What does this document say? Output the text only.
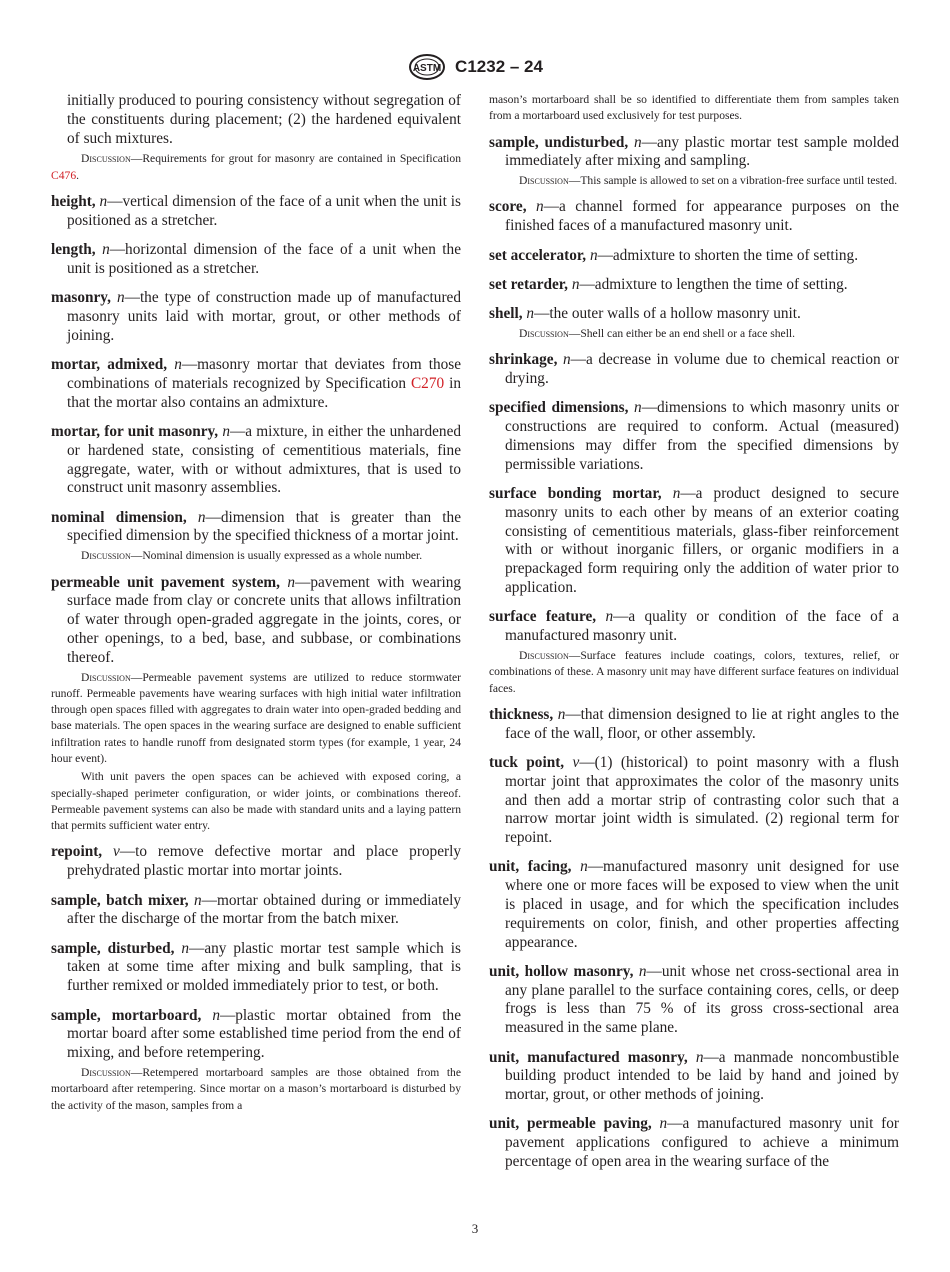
ASTM C1232 – 24

initially produced to pouring consistency without segregation of the constituents during placement; (2) the hardened equivalent of such mixtures.

Discussion—Requirements for grout for masonry are contained in Specification C476.

height, n—vertical dimension of the face of a unit when the unit is positioned as a stretcher.

length, n—horizontal dimension of the face of a unit when the unit is positioned as a stretcher.

masonry, n—the type of construction made up of manufactured masonry units laid with mortar, grout, or other methods of joining.

mortar, admixed, n—masonry mortar that deviates from those combinations of materials recognized by Specification C270 in that the mortar also contains an admixture.

mortar, for unit masonry, n—a mixture, in either the unhardened or hardened state, consisting of cementitious materials, fine aggregate, water, with or without admixtures, that is used to construct unit masonry assemblies.

nominal dimension, n—dimension that is greater than the specified dimension by the specified thickness of a mortar joint.

Discussion—Nominal dimension is usually expressed as a whole number.

permeable unit pavement system, n—pavement with wearing surface made from clay or concrete units that allows infiltration of water through open-graded aggregate in the joints, cores, or other openings, to a bed, base, and subbase, or combinations thereof.

Discussion—Permeable pavement systems are utilized to reduce stormwater runoff. Permeable pavements have wearing surfaces with high initial water infiltration through open spaces filled with aggregates to drain water into open-graded bedding and base materials. The open spaces in the wearing surface are designed to enable sufficient infiltration rates to handle runoff from designated storm types (for example, 1 year, 24 hour event).

With unit pavers the open spaces can be achieved with exposed coring, a specially-shaped perimeter configuration, or wider joints, or combinations thereof. Permeable pavement systems can also be made with standard units and a laying pattern that permits sufficient water entry.

repoint, v—to remove defective mortar and place properly prehydrated plastic mortar into mortar joints.

sample, batch mixer, n—mortar obtained during or immediately after the discharge of the mortar from the batch mixer.

sample, disturbed, n—any plastic mortar test sample which is taken at some time after mixing and bulk sampling, that is further remixed or molded immediately prior to test, or both.

sample, mortarboard, n—plastic mortar obtained from the mortar board after some established time period from the end of mixing, and before retempering.

Discussion—Retempered mortarboard samples are those obtained from the mortarboard after retempering. Since mortar on a mason’s mortarboard is disturbed by the activity of the mason, samples from a

mason’s mortarboard shall be so identified to differentiate them from samples taken from a mortarboard used exclusively for test purposes.

sample, undisturbed, n—any plastic mortar test sample molded immediately after mixing and sampling.

Discussion—This sample is allowed to set on a vibration-free surface until tested.

score, n—a channel formed for appearance purposes on the finished faces of a manufactured masonry unit.

set accelerator, n—admixture to shorten the time of setting.

set retarder, n—admixture to lengthen the time of setting.

shell, n—the outer walls of a hollow masonry unit.

Discussion—Shell can either be an end shell or a face shell.

shrinkage, n—a decrease in volume due to chemical reaction or drying.

specified dimensions, n—dimensions to which masonry units or constructions are required to conform. Actual (measured) dimensions may differ from the specified dimensions by permissible variations.

surface bonding mortar, n—a product designed to secure masonry units to each other by means of an exterior coating consisting of cementitious materials, glass-fiber reinforcement with or without inorganic fillers, or organic modifiers in a prepackaged form requiring only the addition of water prior to application.

surface feature, n—a quality or condition of the face of a manufactured masonry unit.

Discussion—Surface features include coatings, colors, textures, relief, or combinations of these. A masonry unit may have different surface features on individual faces.

thickness, n—that dimension designed to lie at right angles to the face of the wall, floor, or other assembly.

tuck point, v—(1) (historical) to point masonry with a flush mortar joint that approximates the color of the masonry units and then add a mortar strip of contrasting color such that a narrow mortar joint width is simulated. (2) regional term for repoint.

unit, facing, n—manufactured masonry unit designed for use where one or more faces will be exposed to view when the unit is placed in usage, and for which the specification includes requirements on color, finish, and other properties affecting appearance.

unit, hollow masonry, n—unit whose net cross-sectional area in any plane parallel to the surface containing cores, cells, or deep frogs is less than 75 % of its gross cross-sectional area measured in the same plane.

unit, manufactured masonry, n—a manmade noncombustible building product intended to be laid by hand and joined by mortar, grout, or other methods of joining.

unit, permeable paving, n—a manufactured masonry unit for pavement applications configured to achieve a minimum percentage of open area in the wearing surface of the

3
